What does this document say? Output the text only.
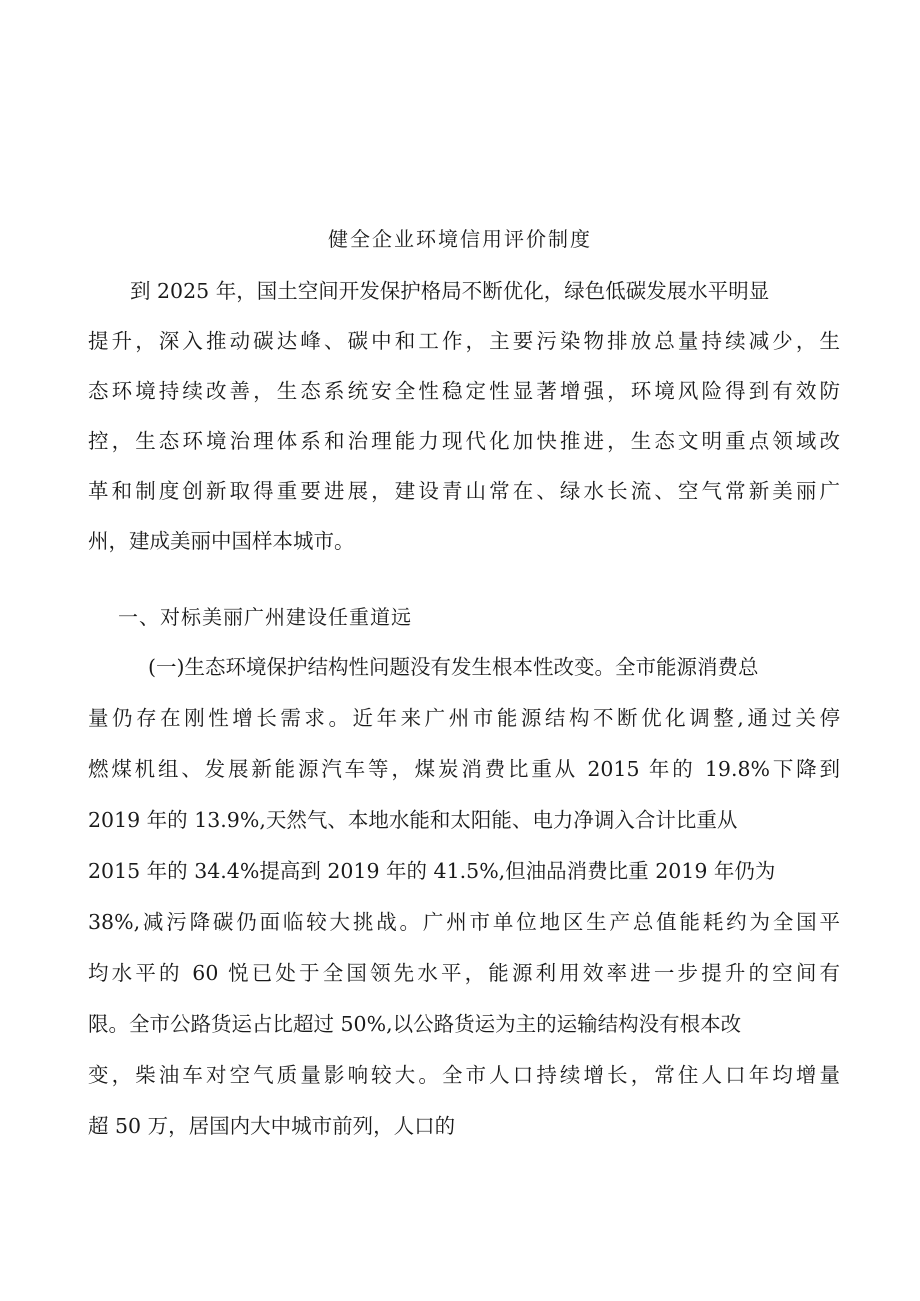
健全企业环境信用评价制度
到 2025 年，国土空间开发保护格局不断优化，绿色低碳发展水平明显
提升，深入推动碳达峰、碳中和工作，主要污染物排放总量持续减少，生
态环境持续改善，生态系统安全性稳定性显著增强，环境风险得到有效防
控，生态环境治理体系和治理能力现代化加快推进，生态文明重点领域改
革和制度创新取得重要进展，建设青山常在、绿水长流、空气常新美丽广
州，建成美丽中国样本城市。
一、对标美丽广州建设任重道远
(一)生态环境保护结构性问题没有发生根本性改变。全市能源消费总
量仍存在刚性增长需求。近年来广州市能源结构不断优化调整,通过关停
燃煤机组、发展新能源汽车等，煤炭消费比重从 2015 年的 19.8%下降到
2019 年的 13.9%,天然气、本地水能和太阳能、电力净调入合计比重从
2015 年的 34.4%提高到 2019 年的 41.5%,但油品消费比重 2019 年仍为
38%,减污降碳仍面临较大挑战。广州市单位地区生产总值能耗约为全国平
均水平的 60 悦已处于全国领先水平，能源利用效率进一步提升的空间有
限。全市公路货运占比超过 50%,以公路货运为主的运输结构没有根本改
变，柴油车对空气质量影响较大。全市人口持续增长，常住人口年均增量
超 50 万，居国内大中城市前列，人口的
